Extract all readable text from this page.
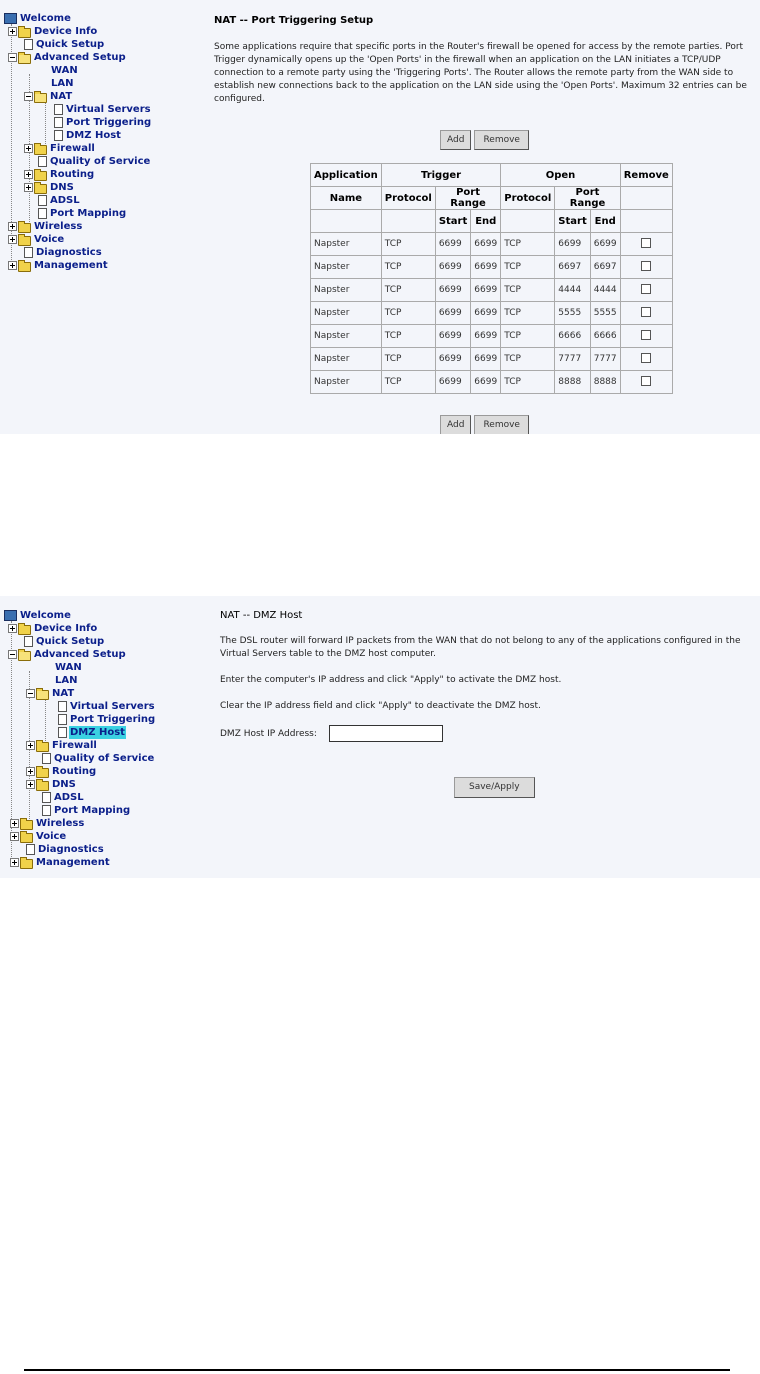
Welcome
Device Info
Quick Setup
Advanced Setup
WAN
LAN
NAT
Virtual Servers
Port Triggering
DMZ Host
Firewall
Quality of Service
Routing
DNS
ADSL
Port Mapping
Wireless
Voice
Diagnostics
Management
NAT -- Port Triggering Setup
Some applications require that specific ports in the Router's firewall be opened for access by the remote parties. Port Trigger dynamically opens up the 'Open Ports' in the firewall when an application on the LAN initiates a TCP/UDP connection to a remote party using the 'Triggering Ports'. The Router allows the remote party from the WAN side to establish new connections back to the application on the LAN side using the 'Open Ports'. Maximum 32 entries can be configured.
Add Remove
Application	Trigger			Open			Remove
Name	Protocol	Port Range		Protocol	Port Range		
		Start	End		Start	End	
Napster	TCP	6699	6699	TCP	6699	6699	
Napster	TCP	6699	6699	TCP	6697	6697	
Napster	TCP	6699	6699	TCP	4444	4444	
Napster	TCP	6699	6699	TCP	5555	5555	
Napster	TCP	6699	6699	TCP	6666	6666	
Napster	TCP	6699	6699	TCP	7777	7777	
Napster	TCP	6699	6699	TCP	8888	8888	
Add Remove
Welcome
Device Info
Quick Setup
Advanced Setup
WAN
LAN
NAT
Virtual Servers
Port Triggering
DMZ Host
Firewall
Quality of Service
Routing
DNS
ADSL
Port Mapping
Wireless
Voice
Diagnostics
Management
NAT -- DMZ Host
The DSL router will forward IP packets from the WAN that do not belong to any of the applications configured in the Virtual Servers table to the DMZ host computer.
Enter the computer's IP address and click "Apply" to activate the DMZ host.
Clear the IP address field and click "Apply" to deactivate the DMZ host.
DMZ Host IP Address:
Save/Apply
